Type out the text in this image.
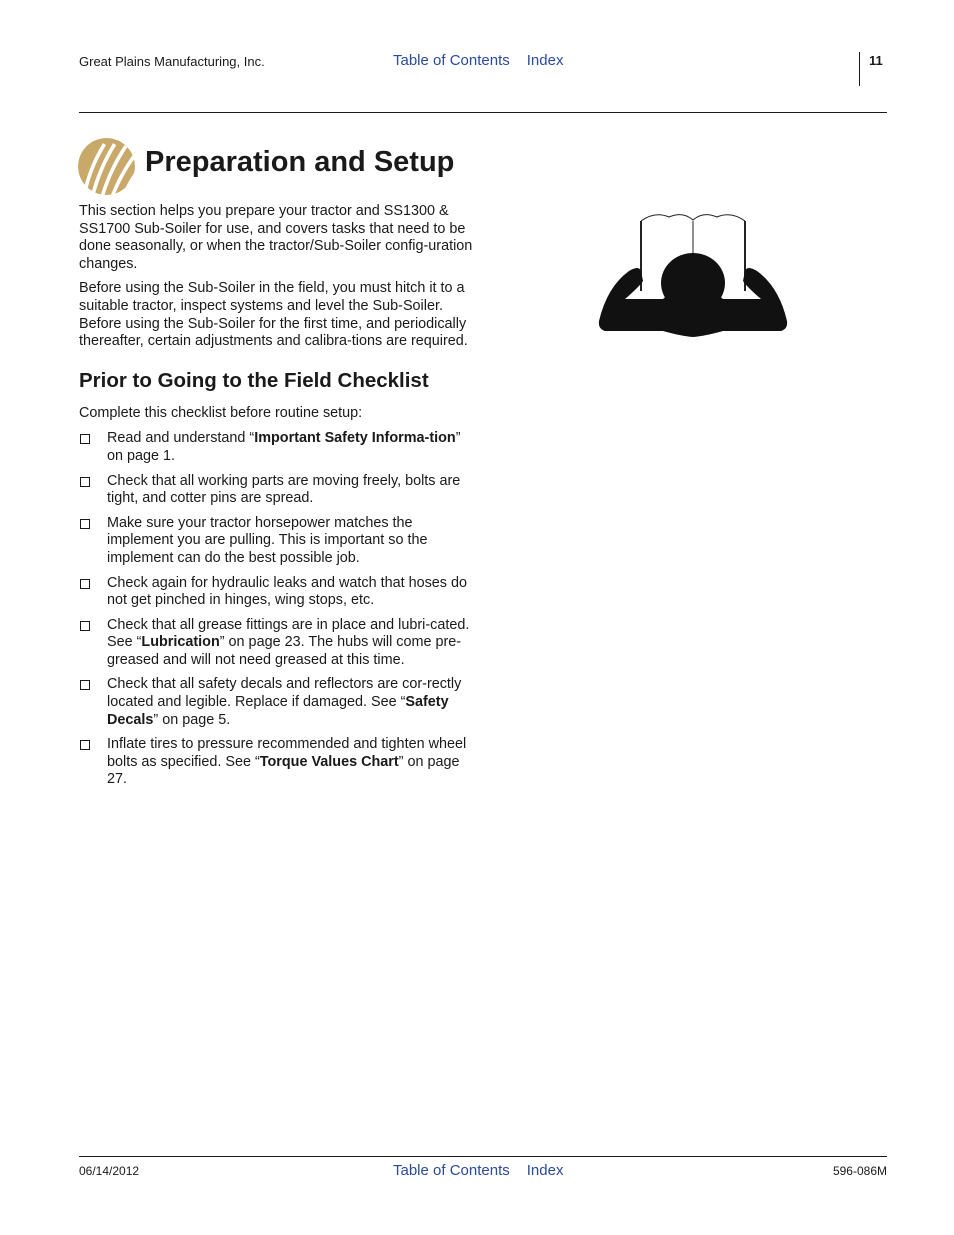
Great Plains Manufacturing, Inc.	Table of Contents Index	11
Preparation and Setup

This section helps you prepare your tractor and SS1300 & SS1700 Sub-Soiler for use, and covers tasks that need to be done seasonally, or when the tractor/Sub-Soiler config-uration changes.

Before using the Sub-Soiler in the field, you must hitch it to a suitable tractor, inspect systems and level the Sub-Soiler. Before using the Sub-Soiler for the first time, and periodically thereafter, certain adjustments and calibra-tions are required.

Prior to Going to the Field Checklist

Complete this checklist before routine setup:

Read and understand “Important Safety Informa-tion” on page 1.
Check that all working parts are moving freely, bolts are tight, and cotter pins are spread.
Make sure your tractor horsepower matches the implement you are pulling. This is important so the implement can do the best possible job.
Check again for hydraulic leaks and watch that hoses do not get pinched in hinges, wing stops, etc.
Check that all grease fittings are in place and lubri-cated. See “Lubrication” on page 23. The hubs will come pre-greased and will not need greased at this time.
Check that all safety decals and reflectors are cor-rectly located and legible. Replace if damaged. See “Safety Decals” on page 5.
Inflate tires to pressure recommended and tighten wheel bolts as specified. See “Torque Values Chart” on page 27.
06/14/2012	Table of Contents Index	596-086M
